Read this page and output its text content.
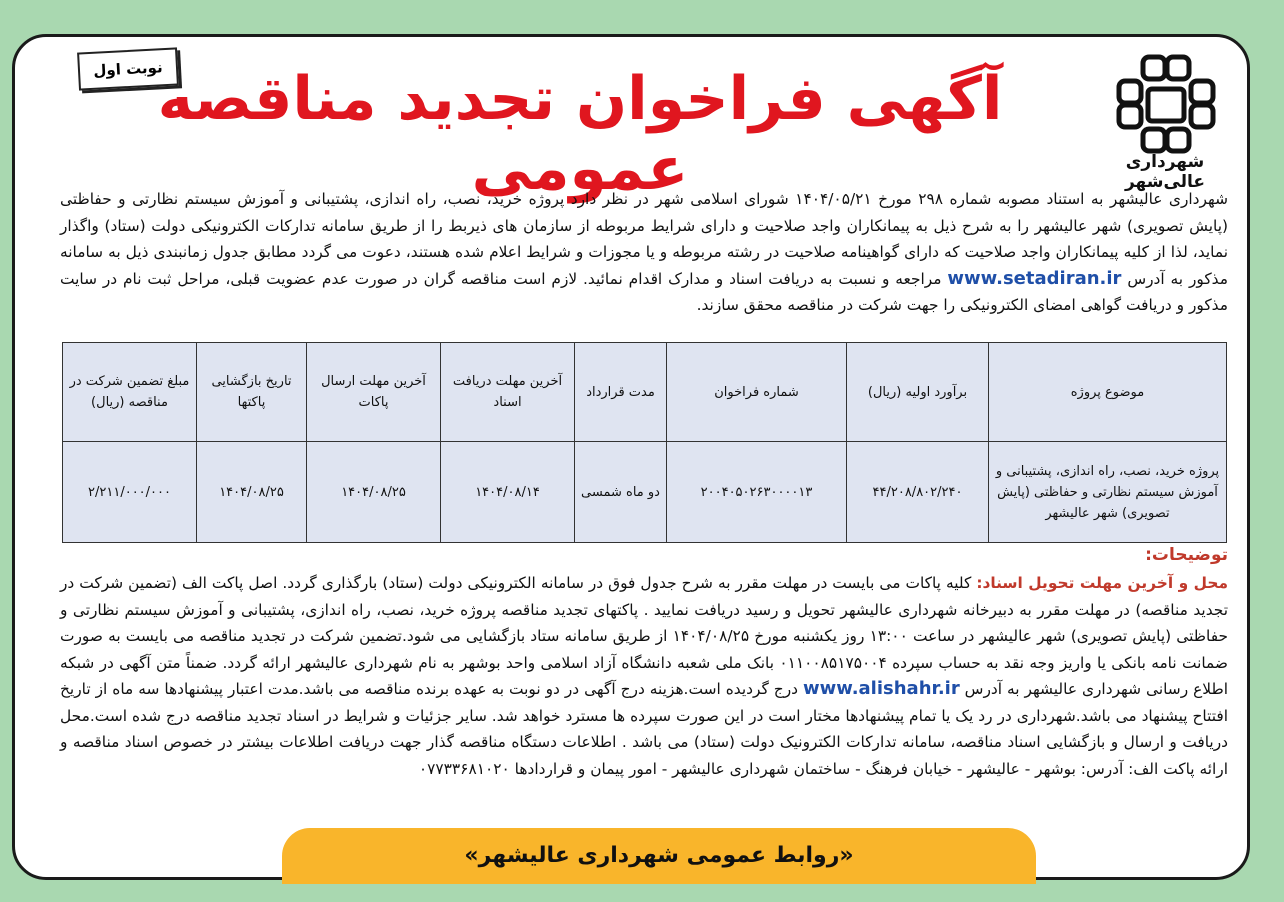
نوبت اول
شهرداری
عالی‌شهر
آگهی فراخوان تجدید مناقصه عمومی
شهرداری عالیشهر به استناد مصوبه شماره ۲۹۸ مورخ ۱۴۰۴/۰۵/۲۱ شورای اسلامی شهر در نظر دارد پروژه خرید، نصب، راه اندازی، پشتیبانی و آموزش سیستم نظارتی و حفاظتی (پایش تصویری) شهر عالیشهر را به شرح ذیل به پیمانکاران واجد صلاحیت و دارای شرایط مربوطه از سازمان های ذیربط را از طریق سامانه تدارکات الکترونیکی دولت (ستاد) واگذار نماید، لذا از کلیه پیمانکاران واجد صلاحیت که دارای گواهینامه صلاحیت در رشته مربوطه و یا مجوزات و شرایط اعلام شده هستند، دعوت می گردد مطابق جدول زمانبندی ذیل به سامانه مذکور به آدرس www.setadiran.ir مراجعه و نسبت به دریافت اسناد و مدارک اقدام نمائید. لازم است مناقصه گران در صورت عدم عضویت قبلی، مراحل ثبت نام در سایت مذکور و دریافت گواهی امضای الکترونیکی را جهت شرکت در مناقصه محقق سازند.
موضوع پروژه	برآورد اولیه (ریال)	شماره فراخوان	مدت قرارداد	آخرین مهلت دریافت اسناد	آخرین مهلت ارسال پاکات	تاریخ بازگشایی پاکتها	مبلغ تضمین شرکت در مناقصه (ریال)
پروژه خرید، نصب، راه اندازی، پشتیبانی و آموزش سیستم نظارتی و حفاظتی (پایش تصویری) شهر عالیشهر	۴۴/۲۰۸/۸۰۲/۲۴۰	۲۰۰۴۰۵۰۲۶۳۰۰۰۰۱۳	دو ماه شمسی	۱۴۰۴/۰۸/۱۴	۱۴۰۴/۰۸/۲۵	۱۴۰۴/۰۸/۲۵	۲/۲۱۱/۰۰۰/۰۰۰
توضیحات:
محل و آخرین مهلت تحویل اسناد: کلیه پاکات می بایست در مهلت مقرر به شرح جدول فوق در سامانه الکترونیکی دولت (ستاد) بارگذاری گردد. اصل پاکت الف (تضمین شرکت در تجدید مناقصه) در مهلت مقرر به دبیرخانه شهرداری عالیشهر تحویل و رسید دریافت نمایید . پاکتهای تجدید مناقصه پروژه خرید، نصب، راه اندازی، پشتیبانی و آموزش سیستم نظارتی و حفاظتی (پایش تصویری) شهر عالیشهر در ساعت ۱۳:۰۰ روز یکشنبه مورخ ۱۴۰۴/۰۸/۲۵ از طریق سامانه ستاد بازگشایی می شود.تضمین شرکت در تجدید مناقصه می بایست به صورت ضمانت نامه بانکی یا واریز وجه نقد به حساب سپرده ۰۱۱۰۰۸۵۱۷۵۰۰۴ بانک ملی شعبه دانشگاه آزاد اسلامی واحد بوشهر به نام شهرداری عالیشهر ارائه گردد. ضمناً متن آگهی در شبکه اطلاع رسانی شهرداری عالیشهر به آدرس www.alishahr.ir درج گردیده است.هزینه درج آگهی در دو نوبت به عهده برنده مناقصه می باشد.مدت اعتبار پیشنهادها سه ماه از تاریخ افتتاح پیشنهاد می باشد.شهرداری در رد یک یا تمام پیشنهادها مختار است در این صورت سپرده ها مسترد خواهد شد. سایر جزئیات و شرایط در اسناد تجدید مناقصه درج شده است.محل دریافت و ارسال و بازگشایی اسناد مناقصه، سامانه تدارکات الکترونیک دولت (ستاد) می باشد . اطلاعات دستگاه مناقصه گذار جهت دریافت اطلاعات بیشتر در خصوص اسناد مناقصه و ارائه پاکت الف: آدرس: بوشهر - عالیشهر - خیابان فرهنگ - ساختمان شهرداری عالیشهر - امور پیمان و قراردادها ۰۷۷۳۳۶۸۱۰۲۰
«روابط عمومی شهرداری عالیشهر»
